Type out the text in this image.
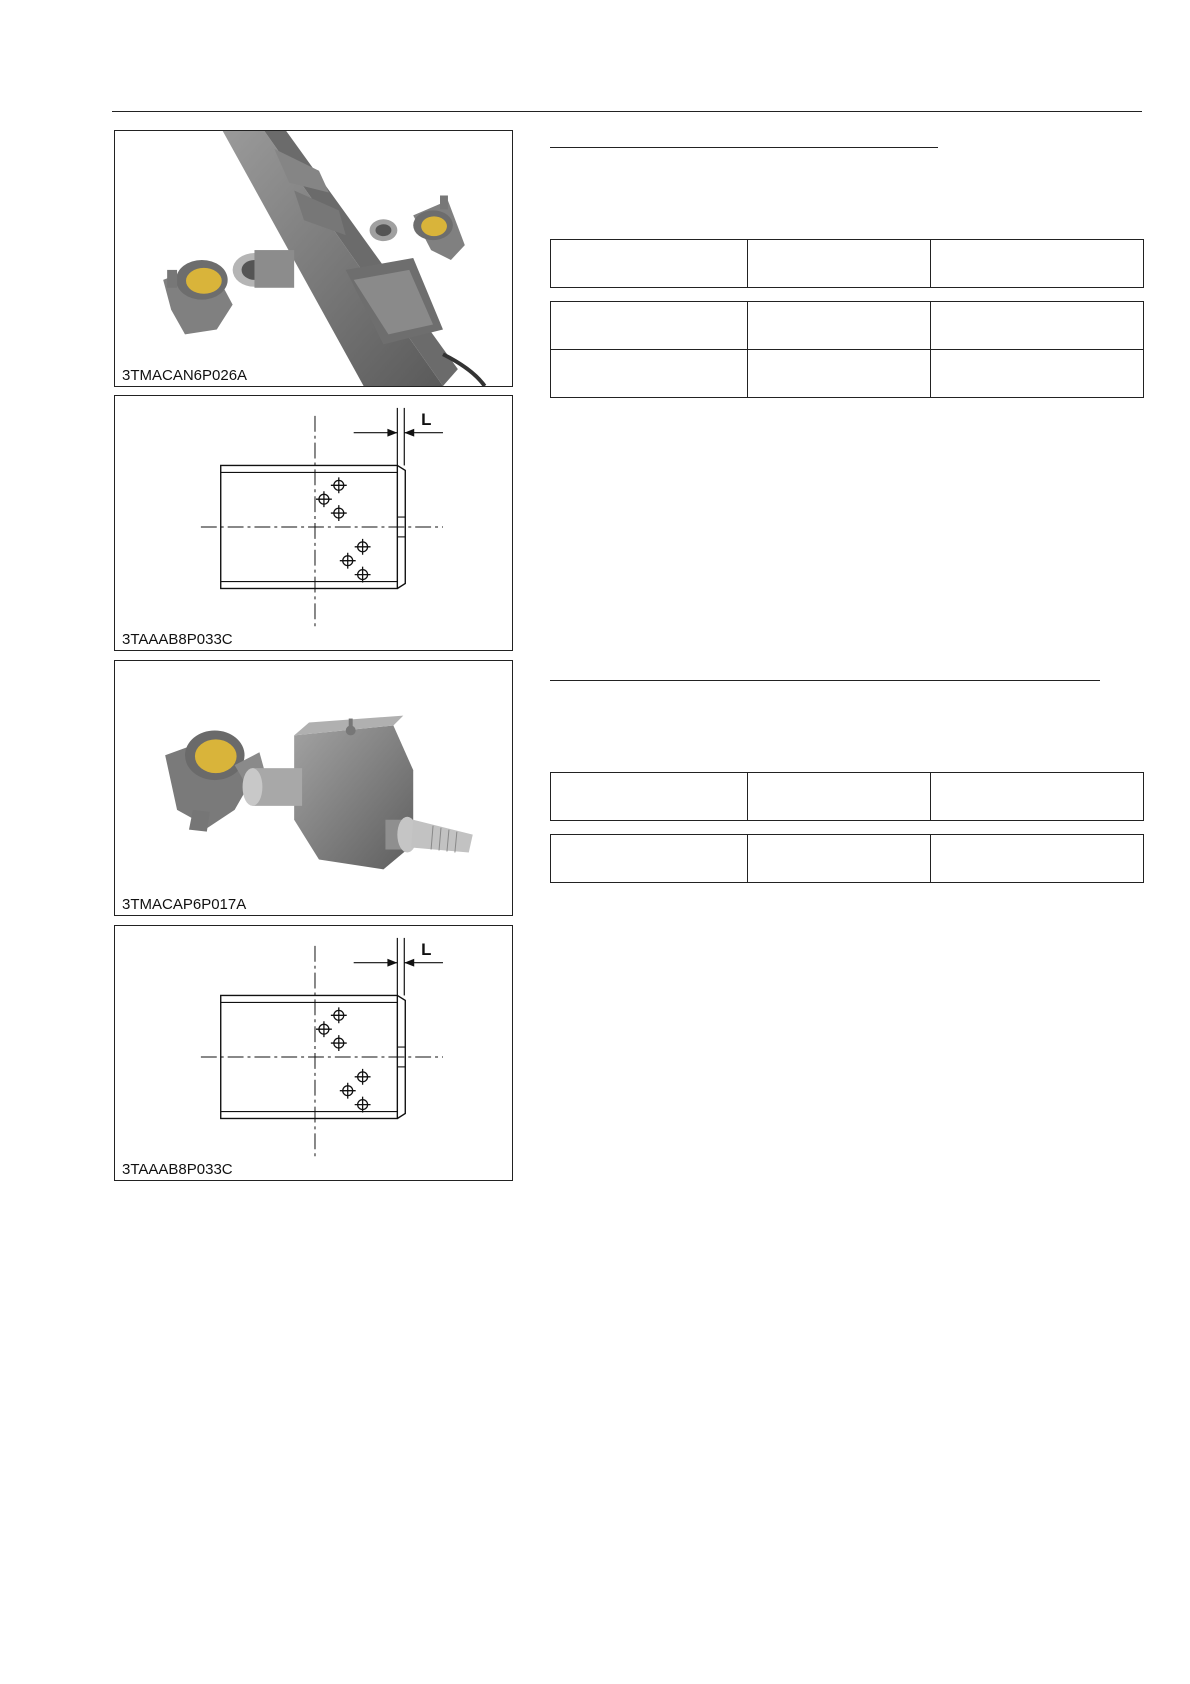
3TMACAN6P026A
L
3TAAAB8P033C
3TMACAP6P017A
L
3TAAAB8P033C
